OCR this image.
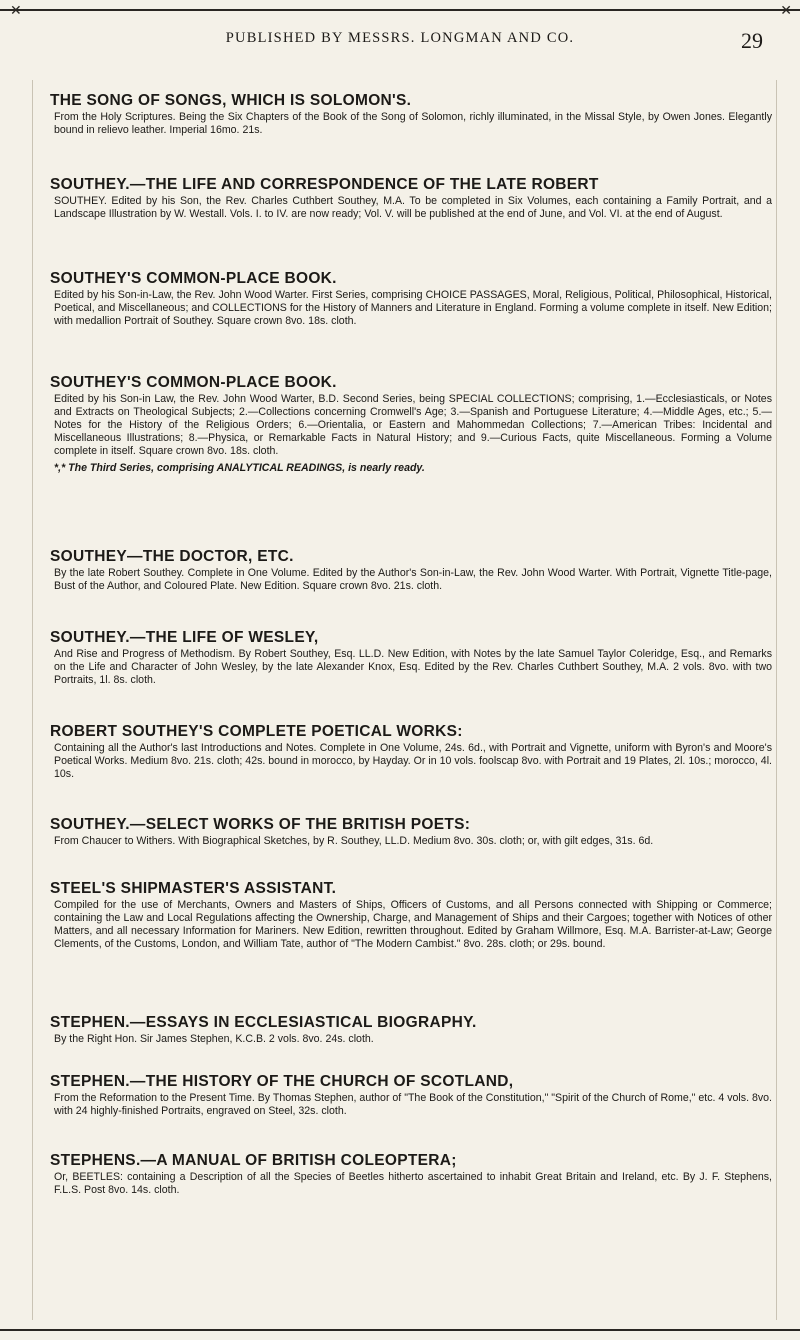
✕	✕
PUBLISHED BY MESSRS. LONGMAN AND CO.	29
THE SONG OF SONGS, WHICH IS SOLOMON'S.

From the Holy Scriptures. Being the Six Chapters of the Book of the Song of Solomon, richly illuminated, in the Missal Style, by Owen Jones. Elegantly bound in relievo leather. Imperial 16mo. 21s.

SOUTHEY.—THE LIFE AND CORRESPONDENCE OF THE LATE ROBERT

SOUTHEY. Edited by his Son, the Rev. Charles Cuthbert Southey, M.A. To be completed in Six Volumes, each containing a Family Portrait, and a Landscape Illustration by W. Westall. Vols. I. to IV. are now ready; Vol. V. will be published at the end of June, and Vol. VI. at the end of August.

SOUTHEY'S COMMON-PLACE BOOK.

Edited by his Son-in-Law, the Rev. John Wood Warter. First Series, comprising CHOICE PASSAGES, Moral, Religious, Political, Philosophical, Historical, Poetical, and Miscellaneous; and COLLECTIONS for the History of Manners and Literature in England. Forming a volume complete in itself. New Edition; with medallion Portrait of Southey. Square crown 8vo. 18s. cloth.

SOUTHEY'S COMMON-PLACE BOOK.

Edited by his Son-in Law, the Rev. John Wood Warter, B.D. Second Series, being SPECIAL COLLECTIONS; comprising, 1.—Ecclesiasticals, or Notes and Extracts on Theological Subjects; 2.—Collections concerning Cromwell's Age; 3.—Spanish and Portuguese Literature; 4.—Middle Ages, etc.; 5.—Notes for the History of the Religious Orders; 6.—Orientalia, or Eastern and Mahommedan Collections; 7.—American Tribes: Incidental and Miscellaneous Illustrations; 8.—Physica, or Remarkable Facts in Natural History; and 9.—Curious Facts, quite Miscellaneous. Forming a Volume complete in itself. Square crown 8vo. 18s. cloth.

*,* The Third Series, comprising ANALYTICAL READINGS, is nearly ready.

SOUTHEY—THE DOCTOR, ETC.

By the late Robert Southey. Complete in One Volume. Edited by the Author's Son-in-Law, the Rev. John Wood Warter. With Portrait, Vignette Title-page, Bust of the Author, and Coloured Plate. New Edition. Square crown 8vo. 21s. cloth.

SOUTHEY.—THE LIFE OF WESLEY,

And Rise and Progress of Methodism. By Robert Southey, Esq. LL.D. New Edition, with Notes by the late Samuel Taylor Coleridge, Esq., and Remarks on the Life and Character of John Wesley, by the late Alexander Knox, Esq. Edited by the Rev. Charles Cuthbert Southey, M.A. 2 vols. 8vo. with two Portraits, 1l. 8s. cloth.

ROBERT SOUTHEY'S COMPLETE POETICAL WORKS:

Containing all the Author's last Introductions and Notes. Complete in One Volume, 24s. 6d., with Portrait and Vignette, uniform with Byron's and Moore's Poetical Works. Medium 8vo. 21s. cloth; 42s. bound in morocco, by Hayday. Or in 10 vols. foolscap 8vo. with Portrait and 19 Plates, 2l. 10s.; morocco, 4l. 10s.

SOUTHEY.—SELECT WORKS OF THE BRITISH POETS:

From Chaucer to Withers. With Biographical Sketches, by R. Southey, LL.D. Medium 8vo. 30s. cloth; or, with gilt edges, 31s. 6d.

STEEL'S SHIPMASTER'S ASSISTANT.

Compiled for the use of Merchants, Owners and Masters of Ships, Officers of Customs, and all Persons connected with Shipping or Commerce; containing the Law and Local Regulations affecting the Ownership, Charge, and Management of Ships and their Cargoes; together with Notices of other Matters, and all necessary Information for Mariners. New Edition, rewritten throughout. Edited by Graham Willmore, Esq. M.A. Barrister-at-Law; George Clements, of the Customs, London, and William Tate, author of "The Modern Cambist." 8vo. 28s. cloth; or 29s. bound.

STEPHEN.—ESSAYS IN ECCLESIASTICAL BIOGRAPHY.

By the Right Hon. Sir James Stephen, K.C.B. 2 vols. 8vo. 24s. cloth.

STEPHEN.—THE HISTORY OF THE CHURCH OF SCOTLAND,

From the Reformation to the Present Time. By Thomas Stephen, author of "The Book of the Constitution," "Spirit of the Church of Rome," etc. 4 vols. 8vo. with 24 highly-finished Portraits, engraved on Steel, 32s. cloth.

STEPHENS.—A MANUAL OF BRITISH COLEOPTERA;

Or, BEETLES: containing a Description of all the Species of Beetles hitherto ascertained to inhabit Great Britain and Ireland, etc. By J. F. Stephens, F.L.S. Post 8vo. 14s. cloth.
